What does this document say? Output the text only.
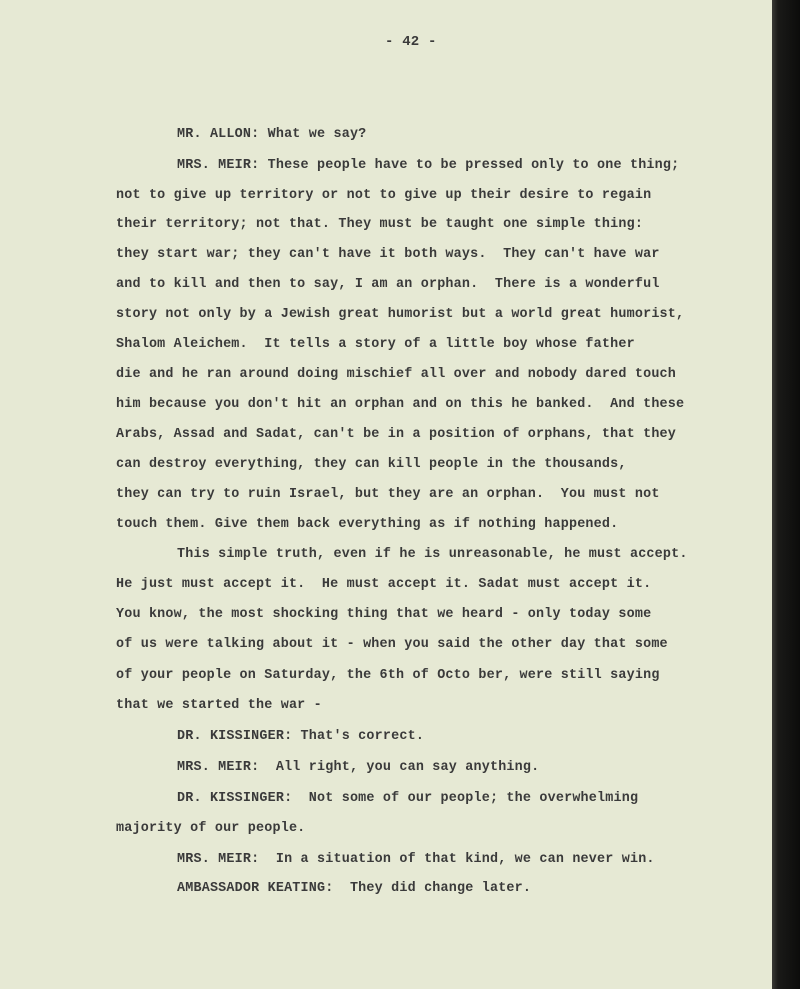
- 42 -

MR. ALLON: What we say?

MRS. MEIR: These people have to be pressed only to one thing;

not to give up territory or not to give up their desire to regain

their territory; not that. They must be taught one simple thing:

they start war; they can't have it both ways.  They can't have war

and to kill and then to say, I am an orphan.  There is a wonderful

story not only by a Jewish great humorist but a world great humorist,

Shalom Aleichem.  It tells a story of a little boy whose father

die and he ran around doing mischief all over and nobody dared touch

him because you don't hit an orphan and on this he banked.  And these

Arabs, Assad and Sadat, can't be in a position of orphans, that they

can destroy everything, they can kill people in the thousands,

they can try to ruin Israel, but they are an orphan.  You must not

touch them. Give them back everything as if nothing happened.

This simple truth, even if he is unreasonable, he must accept.

He just must accept it.  He must accept it. Sadat must accept it.

You know, the most shocking thing that we heard - only today some

of us were talking about it - when you said the other day that some

of your people on Saturday, the 6th of Octo ber, were still saying

that we started the war -

DR. KISSINGER: That's correct.

MRS. MEIR:  All right, you can say anything.

DR. KISSINGER:  Not some of our people; the overwhelming

majority of our people.

MRS. MEIR:  In a situation of that kind, we can never win.

AMBASSADOR KEATING:  They did change later.
